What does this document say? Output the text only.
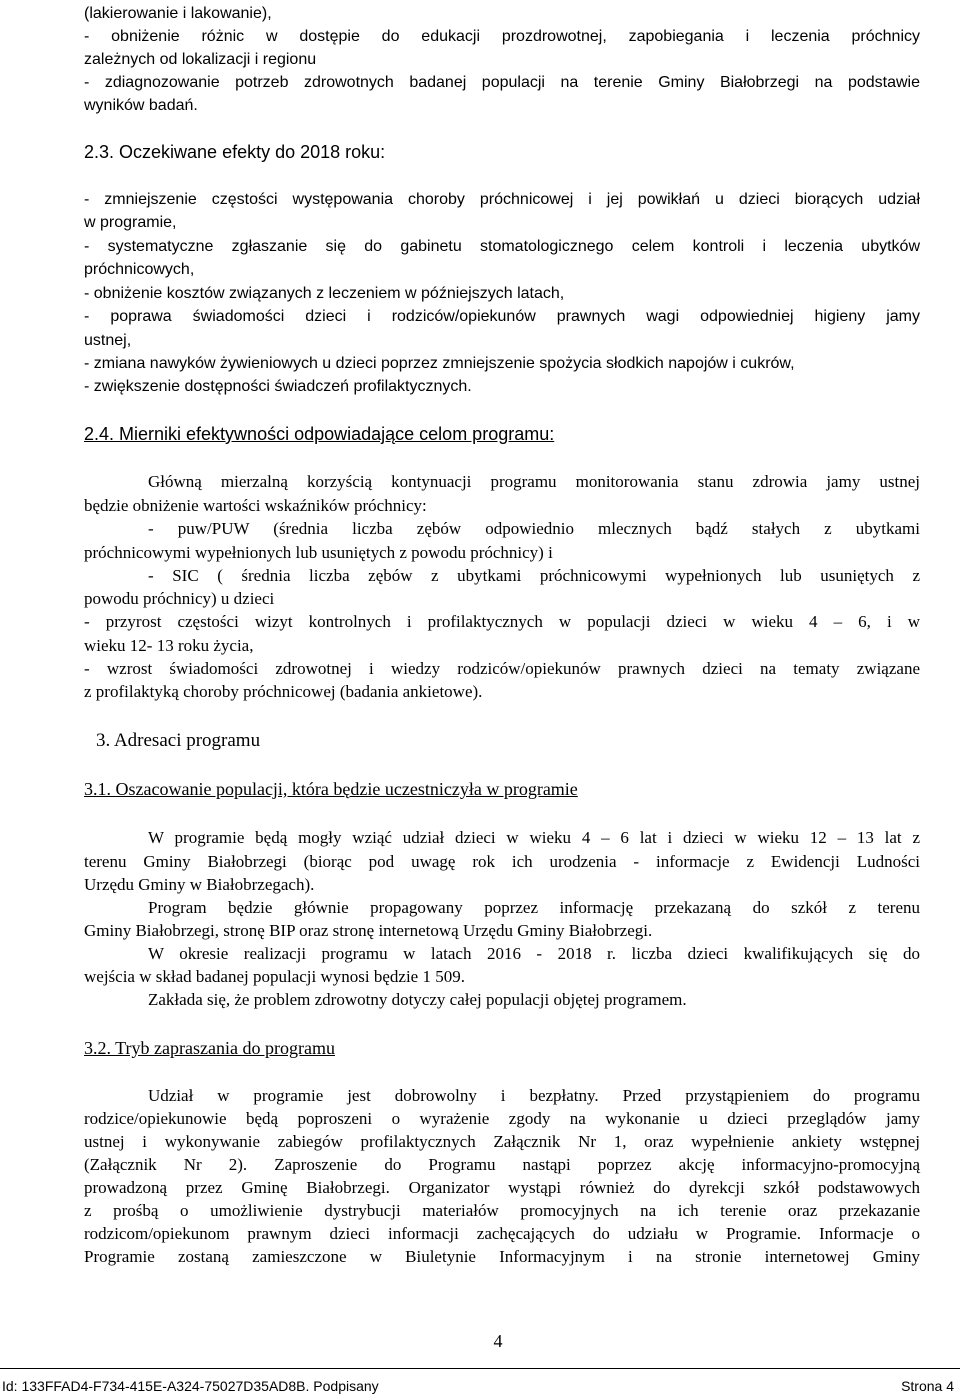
(lakierowanie i lakowanie),
- obniżenie różnic w dostępie do edukacji prozdrowotnej, zapobiegania i leczenia próchnicy
zależnych od lokalizacji i regionu
- zdiagnozowanie potrzeb zdrowotnych badanej populacji na terenie Gminy Białobrzegi na podstawie
wyników badań.
2.3. Oczekiwane efekty do 2018 roku:
- zmniejszenie częstości występowania choroby próchnicowej i jej powikłań u dzieci biorących udział
w programie,
- systematyczne zgłaszanie się do gabinetu stomatologicznego celem kontroli i leczenia ubytków
próchnicowych,
- obniżenie kosztów związanych z leczeniem w późniejszych latach,
- poprawa świadomości dzieci i rodziców/opiekunów prawnych wagi odpowiedniej higieny jamy
ustnej,
- zmiana nawyków żywieniowych u dzieci poprzez zmniejszenie spożycia słodkich napojów i cukrów,
- zwiększenie dostępności świadczeń profilaktycznych.
2.4. Mierniki efektywności odpowiadające celom programu:
Główną mierzalną korzyścią kontynuacji programu monitorowania stanu zdrowia jamy ustnej
będzie obniżenie wartości wskaźników próchnicy:
- puw/PUW (średnia liczba zębów odpowiednio mlecznych bądź stałych z ubytkami
próchnicowymi wypełnionych lub usuniętych z powodu próchnicy) i
- SIC ( średnia liczba zębów z ubytkami próchnicowymi wypełnionych lub usuniętych z
powodu próchnicy) u dzieci
- przyrost częstości wizyt kontrolnych i profilaktycznych w populacji dzieci w wieku 4 – 6, i w
wieku 12- 13 roku życia,
- wzrost świadomości zdrowotnej i wiedzy rodziców/opiekunów prawnych dzieci na tematy związane
z profilaktyką choroby próchnicowej (badania ankietowe).
3. Adresaci programu
3.1. Oszacowanie populacji, która będzie uczestniczyła w programie
W programie będą mogły wziąć udział dzieci w wieku 4 – 6 lat i dzieci w wieku 12 – 13 lat z
terenu Gminy Białobrzegi (biorąc pod uwagę rok ich urodzenia - informacje z Ewidencji Ludności
Urzędu Gminy w Białobrzegach).
Program będzie głównie propagowany poprzez informację przekazaną do szkół z terenu
Gminy Białobrzegi, stronę BIP oraz stronę internetową Urzędu Gminy Białobrzegi.
W okresie realizacji programu w latach 2016 - 2018 r. liczba dzieci kwalifikujących się do
wejścia w skład badanej populacji wynosi będzie 1 509.
Zakłada się, że problem zdrowotny dotyczy całej populacji objętej programem.
3.2. Tryb zapraszania do programu
Udział w programie jest dobrowolny i bezpłatny. Przed przystąpieniem do programu
rodzice/opiekunowie będą poproszeni o wyrażenie zgody na wykonanie u dzieci przeglądów jamy
ustnej i wykonywanie zabiegów profilaktycznych Załącznik Nr 1, oraz wypełnienie ankiety wstępnej
(Załącznik Nr 2). Zaproszenie do Programu nastąpi poprzez akcję informacyjno-promocyjną
prowadzoną przez Gminę Białobrzegi. Organizator wystąpi również do dyrekcji szkół podstawowych
z prośbą o umożliwienie dystrybucji materiałów promocyjnych na ich terenie oraz przekazanie
rodzicom/opiekunom prawnym dzieci informacji zachęcających do udziału w Programie. Informacje o
Programie zostaną zamieszczone w Biuletynie Informacyjnym i na stronie internetowej Gminy
4
Id: 133FFAD4-F734-415E-A324-75027D35AD8B. Podpisany	Strona 4
